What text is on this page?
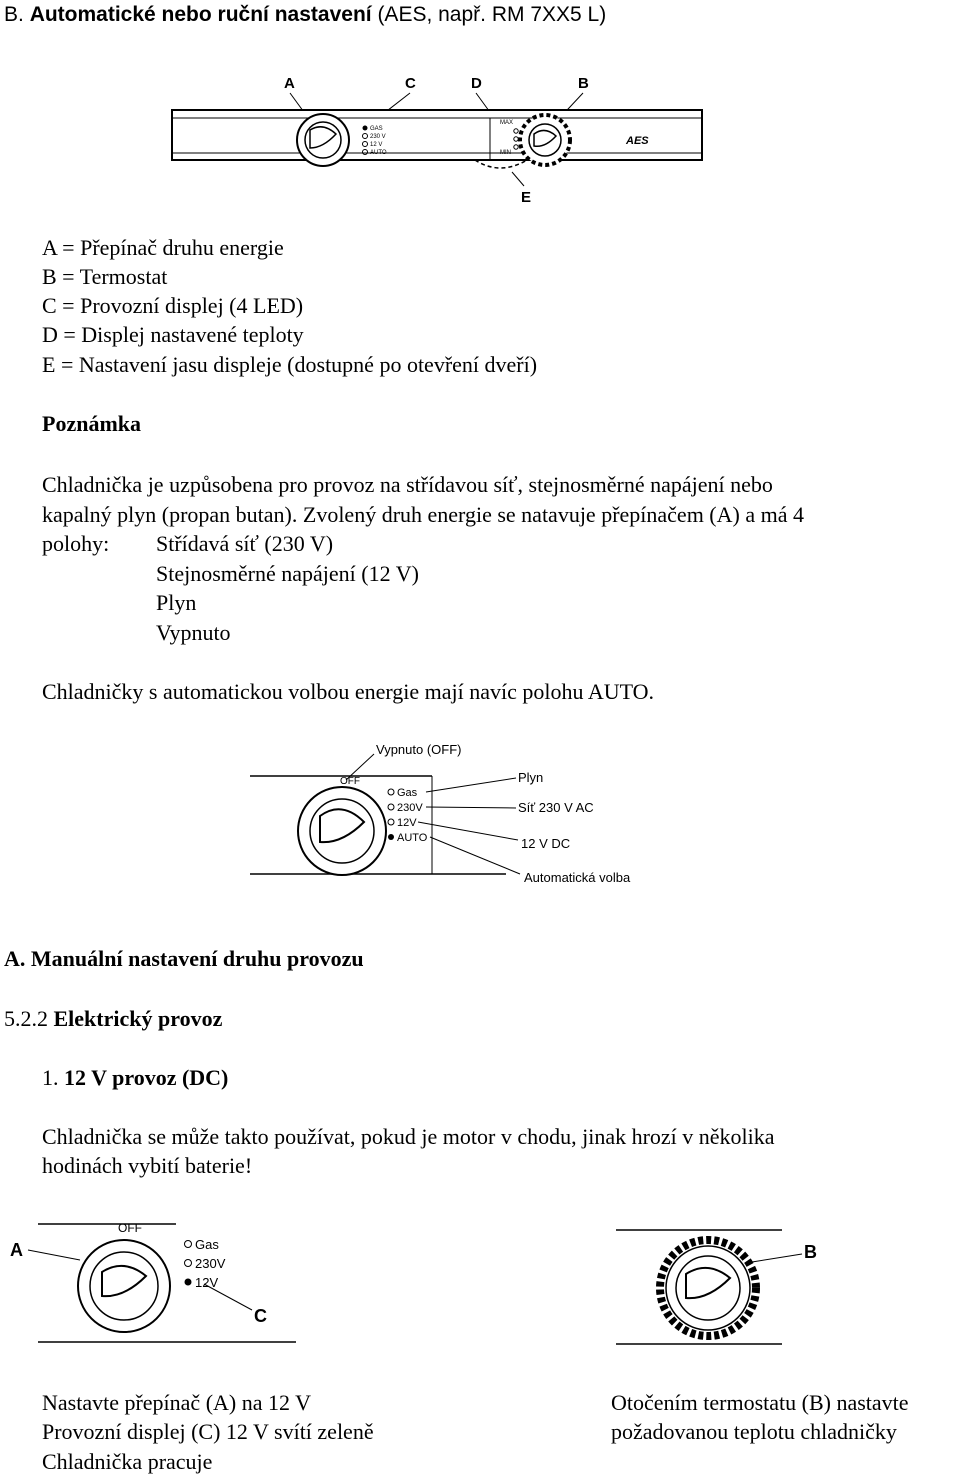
B. Automatické nebo ruční nastavení (AES, např. RM 7XX5 L)
A	C	D	B
GAS
230 V
12 V
AUTO
MAX
MIN
AES
E
A = Přepínač druhu energie
B = Termostat
C = Provozní displej (4 LED)
D = Displej nastavené teploty
E = Nastavení jasu displeje (dostupné po otevření dveří)
Poznámka
Chladnička je uzpůsobena pro provoz na střídavou síť, stejnosměrné napájení nebo
kapalný plyn (propan butan). Zvolený druh energie se natavuje přepínačem (A) a má 4
polohy: Střídavá síť (230 V)
Stejnosměrné napájení (12 V)
Plyn
Vypnuto
Chladničky s automatickou volbou energie mají navíc polohu AUTO.
OFF
Gas
230V
12V
AUTO
Vypnuto (OFF)
Plyn
Síť 230 V AC
12 V DC
Automatická volba
A. Manuální nastavení druhu provozu
5.2.2 Elektrický provoz
1. 12 V provoz (DC)
Chladnička se může takto používat, pokud je motor v chodu, jinak hrozí v několika
hodinách vybití baterie!
OFF
Gas
230V
12V
A
C
B
Nastavte přepínač (A) na 12 V
Provozní displej (C) 12 V svítí zeleně
Chladnička pracuje
Otočením termostatu (B) nastavte
požadovanou teplotu chladničky
